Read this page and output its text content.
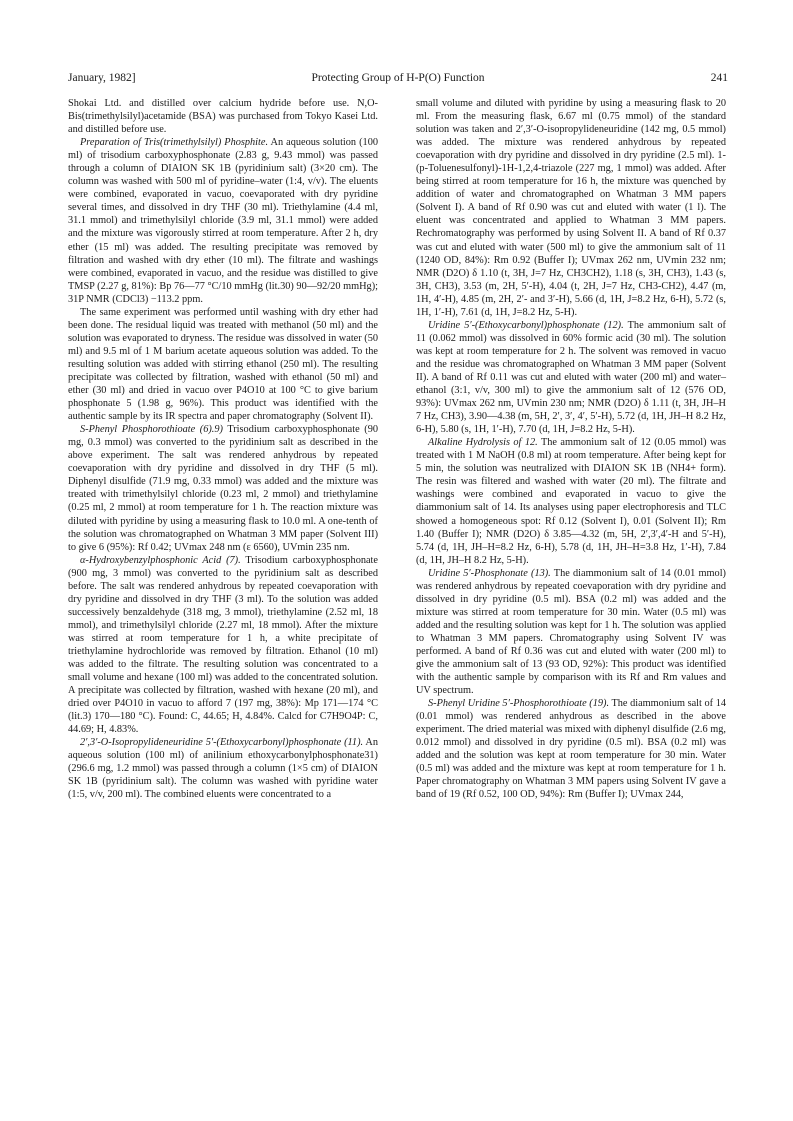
January, 1982]	Protecting Group of H-P(O) Function	241

Shokai Ltd. and distilled over calcium hydride before use. N,O-Bis(trimethylsilyl)acetamide (BSA) was purchased from Tokyo Kasei Ltd. and distilled before use.

Preparation of Tris(trimethylsilyl) Phosphite. An aqueous solution (100 ml) of trisodium carboxyphosphonate (2.83 g, 9.43 mmol) was passed through a column of DIAION SK 1B (pyridinium salt) (3×20 cm). The column was washed with 500 ml of pyridine–water (1:4, v/v). The eluents were combined, evaporated in vacuo, coevaporated with dry pyridine several times, and dissolved in dry THF (30 ml). Triethylamine (4.4 ml, 31.1 mmol) and trimethylsilyl chloride (3.9 ml, 31.1 mmol) were added and the mixture was vigorously stirred at room temperature. After 2 h, dry ether (15 ml) was added. The resulting precipitate was removed by filtration and washed with dry ether (10 ml). The filtrate and washings were combined, evaporated in vacuo, and the residue was distilled to give TMSP (2.27 g, 81%): Bp 76—77 °C/10 mmHg (lit.30) 90—92/20 mmHg); 31P NMR (CDCl3) −113.2 ppm.

The same experiment was performed until washing with dry ether had been done. The residual liquid was treated with methanol (50 ml) and the solution was evaporated to dryness. The residue was dissolved in water (50 ml) and 9.5 ml of 1 M barium acetate aqueous solution was added. To the resulting solution was added with stirring ethanol (250 ml). The resulting precipitate was collected by filtration, washed with ethanol (50 ml) and ether (30 ml) and dried in vacuo over P4O10 at 100 °C to give barium phosphonate 5 (1.98 g, 96%). This product was identified with the authentic sample by its IR spectra and paper chromatography (Solvent II).

S-Phenyl Phosphorothioate (6).9) Trisodium carboxyphosphonate (90 mg, 0.3 mmol) was converted to the pyridinium salt as described in the above experiment. The salt was rendered anhydrous by repeated coevaporation with dry pyridine and dissolved in dry THF (5 ml). Diphenyl disulfide (71.9 mg, 0.33 mmol) was added and the mixture was treated with trimethylsilyl chloride (0.23 ml, 2 mmol) and triethylamine (0.25 ml, 2 mmol) at room temperature for 1 h. The reaction mixture was diluted with pyridine by using a measuring flask to 10.0 ml. A one-tenth of the solution was chromatographed on Whatman 3 MM paper (Solvent III) to give 6 (95%): Rf 0.42; UVmax 248 nm (ε 6560), UVmin 235 nm.

α-Hydroxybenzylphosphonic Acid (7). Trisodium carboxyphosphonate (900 mg, 3 mmol) was converted to the pyridinium salt as described before. The salt was rendered anhydrous by repeated coevaporation with dry pyridine and dissolved in dry THF (3 ml). To the solution was added successively benzaldehyde (318 mg, 3 mmol), triethylamine (2.52 ml, 18 mmol), and trimethylsilyl chloride (2.27 ml, 18 mmol). After the mixture was stirred at room temperature for 1 h, a white precipitate of triethylamine hydrochloride was removed by filtration. Ethanol (10 ml) was added to the filtrate. The resulting solution was concentrated to a small volume and hexane (100 ml) was added to the concentrated solution. A precipitate was collected by filtration, washed with hexane (20 ml), and dried over P4O10 in vacuo to afford 7 (197 mg, 38%): Mp 171—174 °C (lit.3) 170—180 °C). Found: C, 44.65; H, 4.84%. Calcd for C7H9O4P: C, 44.69; H, 4.83%.

2′,3′-O-Isopropylideneuridine 5′-(Ethoxycarbonyl)phosphonate (11). An aqueous solution (100 ml) of anilinium ethoxycarbonylphosphonate31) (296.6 mg, 1.2 mmol) was passed through a column (1×5 cm) of DIAION SK 1B (pyridinium salt). The column was washed with pyridine water (1:5, v/v, 200 ml). The combined eluents were concentrated to a

small volume and diluted with pyridine by using a measuring flask to 20 ml. From the measuring flask, 6.67 ml (0.75 mmol) of the standard solution was taken and 2′,3′-O-isopropylideneuridine (142 mg, 0.5 mmol) was added. The mixture was rendered anhydrous by repeated coevaporation with dry pyridine and dissolved in dry pyridine (2.5 ml). 1-(p-Toluenesulfonyl)-1H-1,2,4-triazole (227 mg, 1 mmol) was added. After being stirred at room temperature for 16 h, the mixture was quenched by addition of water and chromatographed on Whatman 3 MM papers (Solvent I). A band of Rf 0.90 was cut and eluted with water (1 l). The eluent was concentrated and applied to Whatman 3 MM papers. Rechromatography was performed by using Solvent II. A band of Rf 0.37 was cut and eluted with water (500 ml) to give the ammonium salt of 11 (1240 OD, 84%): Rm 0.92 (Buffer I); UVmax 262 nm, UVmin 232 nm; NMR (D2O) δ 1.10 (t, 3H, J=7 Hz, CH3CH2), 1.18 (s, 3H, CH3), 1.43 (s, 3H, CH3), 3.53 (m, 2H, 5′-H), 4.04 (t, 2H, J=7 Hz, CH3-CH2), 4.47 (m, 1H, 4′-H), 4.85 (m, 2H, 2′- and 3′-H), 5.66 (d, 1H, J=8.2 Hz, 6-H), 5.72 (s, 1H, 1′-H), 7.61 (d, 1H, J=8.2 Hz, 5-H).

Uridine 5′-(Ethoxycarbonyl)phosphonate (12). The ammonium salt of 11 (0.062 mmol) was dissolved in 60% formic acid (30 ml). The solution was kept at room temperature for 2 h. The solvent was removed in vacuo and the residue was chromatographed on Whatman 3 MM paper (Solvent II). A band of Rf 0.11 was cut and eluted with water (200 ml) and water–ethanol (3:1, v/v, 300 ml) to give the ammonium salt of 12 (576 OD, 93%): UVmax 262 nm, UVmin 230 nm; NMR (D2O) δ 1.11 (t, 3H, JH–H 7 Hz, CH3), 3.90—4.38 (m, 5H, 2′, 3′, 4′, 5′-H), 5.72 (d, 1H, JH–H 8.2 Hz, 6-H), 5.80 (s, 1H, 1′-H), 7.70 (d, 1H, J=8.2 Hz, 5-H).

Alkaline Hydrolysis of 12. The ammonium salt of 12 (0.05 mmol) was treated with 1 M NaOH (0.8 ml) at room temperature. After being kept for 5 min, the solution was neutralized with DIAION SK 1B (NH4+ form). The resin was filtered and washed with water (20 ml). The filtrate and washings were combined and evaporated in vacuo to give the diammonium salt of 14. Its analyses using paper electrophoresis and TLC showed a homogeneous spot: Rf 0.12 (Solvent I), 0.01 (Solvent II); Rm 1.40 (Buffer I); NMR (D2O) δ 3.85—4.32 (m, 5H, 2′,3′,4′-H and 5′-H), 5.74 (d, 1H, JH–H=8.2 Hz, 6-H), 5.78 (d, 1H, JH–H=3.8 Hz, 1′-H), 7.84 (d, 1H, JH–H 8.2 Hz, 5-H).

Uridine 5′-Phosphonate (13). The diammonium salt of 14 (0.01 mmol) was rendered anhydrous by repeated coevaporation with dry pyridine and dissolved in dry pyridine (0.5 ml). BSA (0.2 ml) was added and the mixture was stirred at room temperature for 30 min. Water (0.5 ml) was added and the resulting solution was kept for 1 h. The solution was applied to Whatman 3 MM papers. Chromatography using Solvent IV was performed. A band of Rf 0.36 was cut and eluted with water (200 ml) to give the ammonium salt of 13 (93 OD, 92%): This product was identified with the authentic sample by comparison with its Rf and Rm values and UV spectrum.

S-Phenyl Uridine 5′-Phosphorothioate (19). The diammonium salt of 14 (0.01 mmol) was rendered anhydrous as described in the above experiment. The dried material was mixed with diphenyl disulfide (2.6 mg, 0.012 mmol) and dissolved in dry pyridine (0.5 ml). BSA (0.2 ml) was added and the solution was kept at room temperature for 30 min. Water (0.5 ml) was added and the mixture was kept at room temperature for 1 h. Paper chromatography on Whatman 3 MM papers using Solvent IV gave a band of 19 (Rf 0.52, 100 OD, 94%): Rm (Buffer I); UVmax 244,
